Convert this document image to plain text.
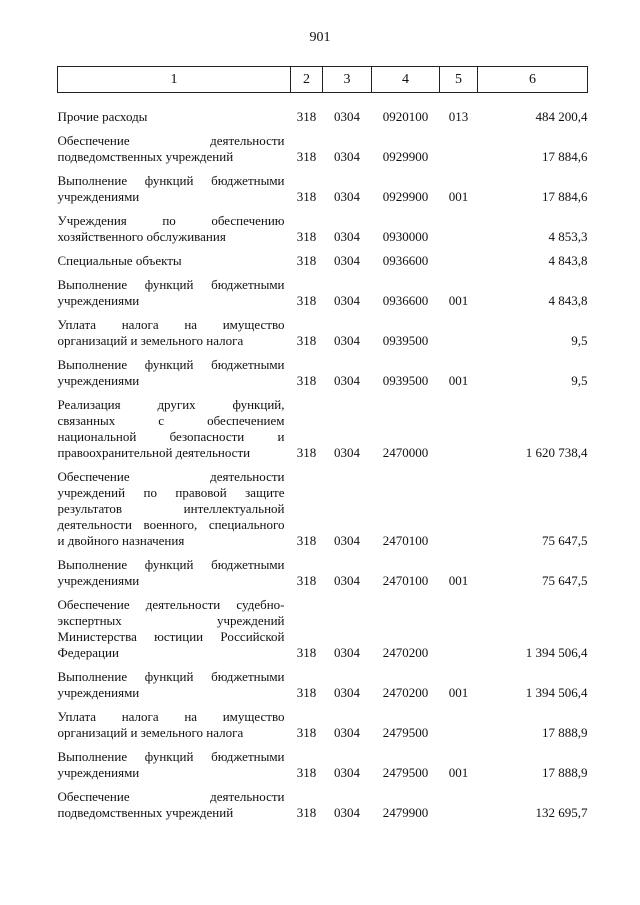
901
1	2	3	4	5	6

Прочие расходы	318	0304	0920100	013	484 200,4

Обеспечение деятельности
подведомственных учреждений	318	0304	0929900		17 884,6

Выполнение функций бюджетными
учреждениями	318	0304	0929900	001	17 884,6

Учреждения по обеспечению
хозяйственного обслуживания	318	0304	0930000		4 853,3

Специальные объекты	318	0304	0936600		4 843,8

Выполнение функций бюджетными
учреждениями	318	0304	0936600	001	4 843,8

Уплата налога на имущество
организаций и земельного налога	318	0304	0939500		9,5

Выполнение функций бюджетными
учреждениями	318	0304	0939500	001	9,5

Реализация других функций,
связанных с обеспечением
национальной безопасности и
правоохранительной деятельности	318	0304	2470000		1 620 738,4

Обеспечение деятельности
учреждений по правовой защите
результатов интеллектуальной
деятельности военного, специального
и двойного назначения	318	0304	2470100		75 647,5

Выполнение функций бюджетными
учреждениями	318	0304	2470100	001	75 647,5

Обеспечение деятельности судебно-
экспертных учреждений
Министерства юстиции Российской
Федерации	318	0304	2470200		1 394 506,4

Выполнение функций бюджетными
учреждениями	318	0304	2470200	001	1 394 506,4

Уплата налога на имущество
организаций и земельного налога	318	0304	2479500		17 888,9

Выполнение функций бюджетными
учреждениями	318	0304	2479500	001	17 888,9

Обеспечение деятельности
подведомственных учреждений	318	0304	2479900		132 695,7
